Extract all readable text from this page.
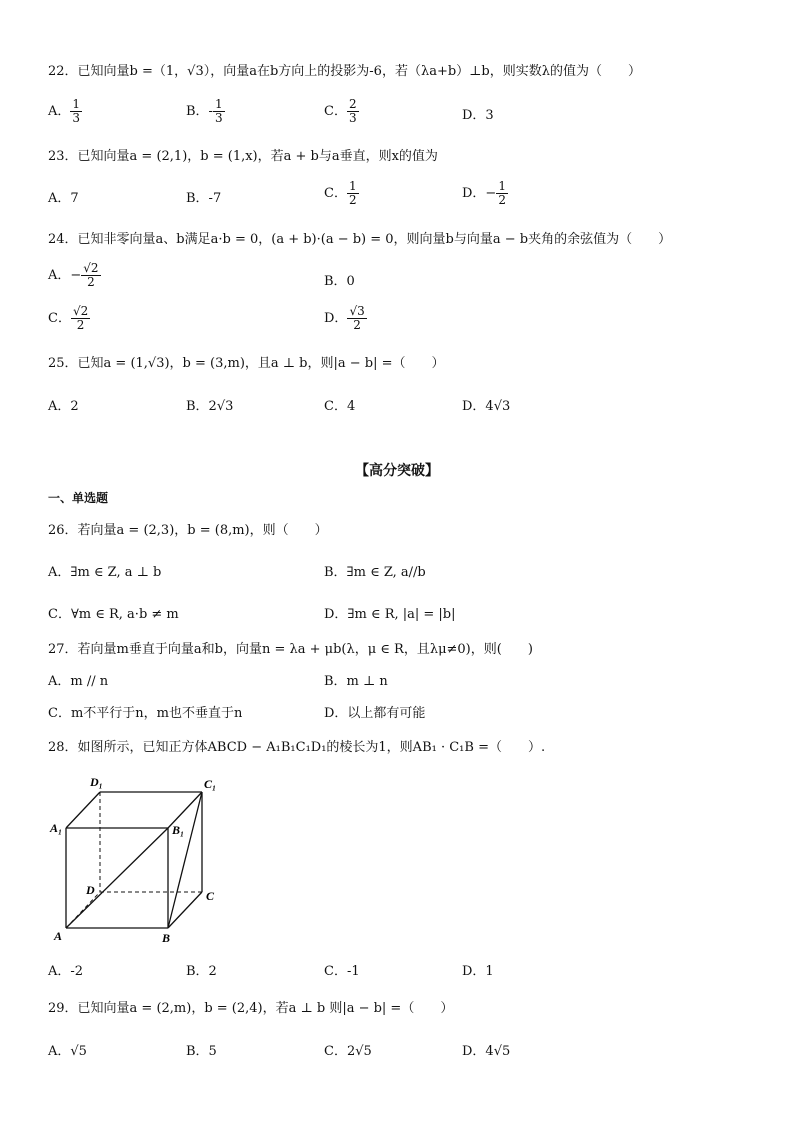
22．已知向量b =（1，√3），向量a在b方向上的投影为-6，若（λa+b）⊥b，则实数λ的值为（　　）
A． $\frac{1}{3}$	B．- $\frac{1}{3}$	C． $\frac{2}{3}$	D．3
23．已知向量a = (2,1)，b = (1,x)，若a + b与a垂直，则x的值为
A．7	B．-7	C． $\frac{1}{2}$	D．− $\frac{1}{2}$
24．已知非零向量a、b满足a·b = 0，(a + b)·(a − b) = 0，则向量b与向量a − b夹角的余弦值为（　　）
A．− $\frac{√2}{2}$	B．0
C． $\frac{√2}{2}$	D． $\frac{√3}{2}$
25．已知a = (1,√3)，b = (3,m)，且a ⊥ b，则|a − b| =（　　）
A．2	B．2√3	C．4	D．4√3
【高分突破】
一、单选题
26．若向量a = (2,3)，b = (8,m)，则（　　）
A．∃m ∈ Z, a ⊥ b	B．∃m ∈ Z, a//b
C．∀m ∈ R, a·b ≠ m	D．∃m ∈ R, |a| = |b|
27．若向量m垂直于向量a和b，向量n = λa + μb(λ，μ ∈ R，且λμ≠0)，则(　　)
A．m // n	B．m ⊥ n
C．m不平行于n，m也不垂直于n	D．以上都有可能
28．如图所示，已知正方体ABCD − A₁B₁C₁D₁的棱长为1，则AB₁ · C₁B =（　　）.
D₁	C₁
A₁	B₁
D	C
A	B
A．-2	B．2	C．-1	D．1
29．已知向量a = (2,m)，b = (2,4)，若a ⊥ b 则|a − b| =（　　）
A．√5	B．5	C．2√5	D．4√5
